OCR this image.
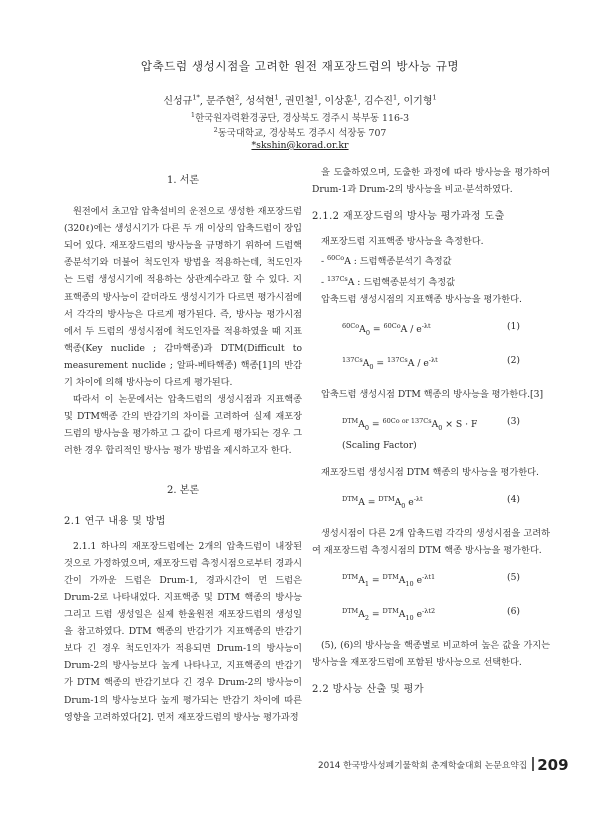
압축드럼 생성시점을 고려한 원전 재포장드럼의 방사능 규명
신성규$^{1*}$, 문주현$^2$, 성석현$^1$, 권민철$^1$, 이상훈$^1$, 김수진$^1$, 이기형$^1$
$^1$한국원자력환경공단, 경상북도 경주시 북부동 116-3
$^2$동국대학교, 경상북도 경주시 석장동 707
*skshin@korad.or.kr
1. 서론

원전에서 초고압 압축설비의 운전으로 생성한 재포장드럼(320ℓ)에는 생성시기가 다른 두 개 이상의 압축드럼이 장입되어 있다. 재포장드럼의 방사능을 규명하기 위하여 드럼핵종분석기와 더불어 척도인자 방법을 적용하는데, 척도인자는 드럼 생성시기에 적용하는 상관계수라고 할 수 있다. 지표핵종의 방사능이 같더라도 생성시기가 다르면 평가시점에서 각각의 방사능은 다르게 평가된다. 즉, 방사능 평가시점에서 두 드럼의 생성시점에 척도인자를 적용하였을 때 지표핵종(Key nuclide ; 감마핵종)과 DTM(Difficult to measurement nuclide ; 알파-베타핵종) 핵종[1]의 반감기 차이에 의해 방사능이 다르게 평가된다.

따라서 이 논문에서는 압축드럼의 생성시점과 지표핵종 및 DTM핵종 간의 반감기의 차이를 고려하여 실제 재포장드럼의 방사능을 평가하고 그 값이 다르게 평가되는 경우 그러한 경우 합리적인 방사능 평가 방법을 제시하고자 한다.

2. 본론
2.1 연구 내용 및 방법

2.1.1 하나의 재포장드럼에는 2개의 압축드럼이 내장된 것으로 가정하였으며, 재포장드럼 측정시점으로부터 경과시간이 가까운 드럼은 Drum-1, 경과시간이 먼 드럼은 Drum-2로 나타내었다. 지표핵종 및 DTM 핵종의 방사능 그리고 드럼 생성일은 실제 한울원전 재포장드럼의 생성일을 참고하였다. DTM 핵종의 반감기가 지표핵종의 반감기 보다 긴 경우 척도인자가 적용되면 Drum-1의 방사능이 Drum-2의 방사능보다 높게 나타나고, 지표핵종의 반감기가 DTM 핵종의 반감기보다 긴 경우 Drum-2의 방사능이 Drum-1의 방사능보다 높게 평가되는 반감기 차이에 따른 영향을 고려하였다[2]. 먼저 재포장드럼의 방사능 평가과정

을 도출하였으며, 도출한 과정에 따라 방사능을 평가하여 Drum-1과 Drum-2의 방사능을 비교·분석하였다.

2.1.2 재포장드럼의 방사능 평가과정 도출

재포장드럼 지표핵종 방사능을 측정한다.

- $^{60Co}$A : 드럼핵종분석기 측정값

- $^{137Cs}$A : 드럼핵종분석기 측정값

압축드럼 생성시점의 지표핵종 방사능을 평가한다.

$^{60Co}A_0 = ^{60Co}A / e^{-\lambda t}$	(1)
$^{137Cs}A_0 = ^{137Cs}A / e^{-\lambda t}$	(2)

압축드럼 생성시점 DTM 핵종의 방사능을 평가한다.[3]

$^{DTM}A_0 = ^{60Co or 137Cs}A_0 \times S \cdot F$ (Scaling Factor)
(3)

재포장드럼 생성시점 DTM 핵종의 방사능을 평가한다.

$^{DTM}A = ^{DTM}A_0$ $e^{-\lambda t}$	(4)

생성시점이 다른 2개 압축드럼 각각의 생성시점을 고려하여 재포장드럼 측정시점의 DTM 핵종 방사능을 평가한다.

$^{DTM}A_1 = ^{DTM}A_{10}$ $e^{-\lambda t1}$	(5)
$^{DTM}A_2 = ^{DTM}A_{10}$ $e^{-\lambda t2}$	(6)

(5), (6)의 방사능을 핵종별로 비교하여 높은 값을 가지는 방사능을 재포장드럼에 포함된 방사능으로 선택한다.

2.2 방사능 산출 및 평가
2014 한국방사성폐기물학회 춘계학술대회 논문요약집 209
